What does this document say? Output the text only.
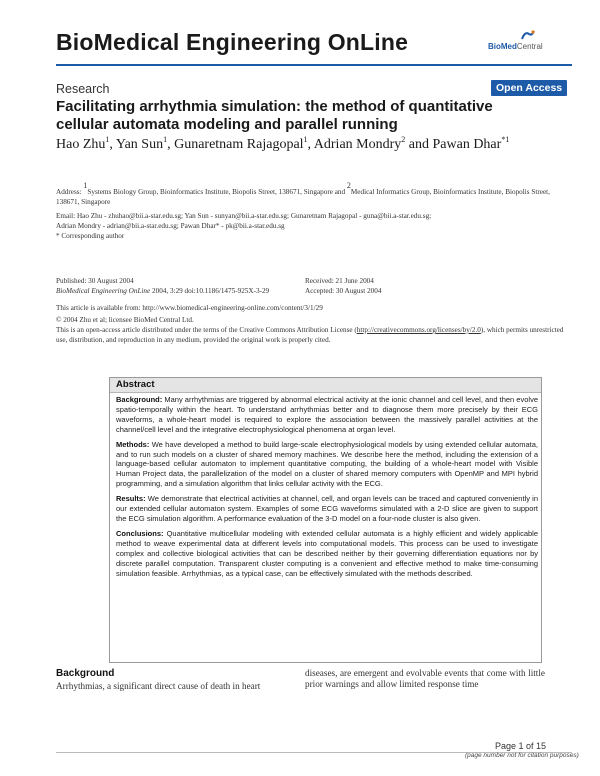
BioMedical Engineering OnLine	BioMedCentral
Research	Open Access
Facilitating arrhythmia simulation: the method of quantitative cellular automata modeling and parallel running
Hao Zhu$^1$, Yan Sun$^1$, Gunaretnam Rajagopal$^1$, Adrian Mondry$^2$ and Pawan Dhar$^{*1}$
Address: $^1$Systems Biology Group, Bioinformatics Institute, Biopolis Street, 138671, Singapore and $^2$Medical Informatics Group, Bioinformatics Institute, Biopolis Street, 138671, Singapore
Email: Hao Zhu - zhuhao@bii.a-star.edu.sg; Yan Sun - sunyan@bii.a-star.edu.sg; Gunaretnam Rajagopal - guna@bii.a-star.edu.sg;
Adrian Mondry - adrian@bii.a-star.edu.sg; Pawan Dhar* - pk@bii.a-star.edu.sg
* Corresponding author
Published: 30 August 2004
BioMedical Engineering OnLine 2004, 3:29 doi:10.1186/1475-925X-3-29
Received: 21 June 2004
Accepted: 30 August 2004
This article is available from: http://www.biomedical-engineering-online.com/content/3/1/29
© 2004 Zhu et al; licensee BioMed Central Ltd.
This is an open-access article distributed under the terms of the Creative Commons Attribution License (http://creativecommons.org/licenses/by/2.0), which permits unrestricted use, distribution, and reproduction in any medium, provided the original work is properly cited.
Abstract

Background: Many arrhythmias are triggered by abnormal electrical activity at the ionic channel and cell level, and then evolve spatio-temporally within the heart. To understand arrhythmias better and to diagnose them more precisely by their ECG waveforms, a whole-heart model is required to explore the association between the massively parallel activities at the channel/cell level and the integrative electrophysiological phenomena at organ level.

Methods: We have developed a method to build large-scale electrophysiological models by using extended cellular automata, and to run such models on a cluster of shared memory machines. We describe here the method, including the extension of a language-based cellular automaton to implement quantitative computing, the building of a whole-heart model with Visible Human Project data, the parallelization of the model on a cluster of shared memory computers with OpenMP and MPI hybrid programming, and a simulation algorithm that links cellular activity with the ECG.

Results: We demonstrate that electrical activities at channel, cell, and organ levels can be traced and captured conveniently in our extended cellular automaton system. Examples of some ECG waveforms simulated with a 2-D slice are given to support the ECG simulation algorithm. A performance evaluation of the 3-D model on a four-node cluster is also given.

Conclusions: Quantitative multicellular modeling with extended cellular automata is a highly efficient and widely applicable method to weave experimental data at different levels into computational models. This process can be used to investigate complex and collective biological activities that can be described neither by their governing differentiation equations nor by discrete parallel computation. Transparent cluster computing is a convenient and effective method to make time-consuming simulation feasible. Arrhythmias, as a typical case, can be effectively simulated with the methods described.

Background
Arrhythmias, a significant direct cause of death in heart
diseases, are emergent and evolvable events that come with little prior warnings and allow limited response time
Page 1 of 15
(page number not for citation purposes)
